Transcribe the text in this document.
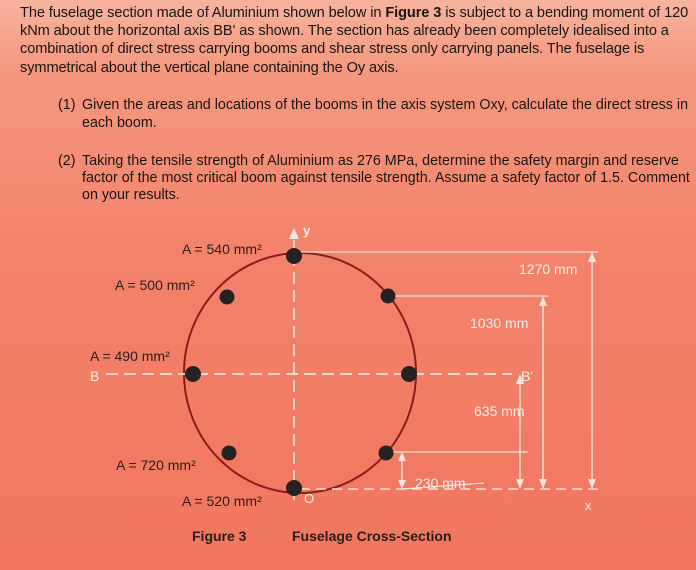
The fuselage section made of Aluminium shown below in Figure 3 is subject to a bending moment of 120 kNm about the horizontal axis BB' as shown. The section has already been completely idealised into a combination of direct stress carrying booms and shear stress only carrying panels. The fuselage is symmetrical about the vertical plane containing the Oy axis.
(1) Given the areas and locations of the booms in the axis system Oxy, calculate the direct stress in each boom.
(2) Taking the tensile strength of Aluminium as 276 MPa, determine the safety margin and reserve factor of the most critical boom against tensile strength. Assume a safety factor of 1.5. Comment on your results.
A = 540 mm²
A = 500 mm²
A = 490 mm²
A = 720 mm²
A = 520 mm²
y
O	x
B	B'
1270 mm
1030 mm
635 mm
230 mm
Figure 3	Fuselage Cross-Section
